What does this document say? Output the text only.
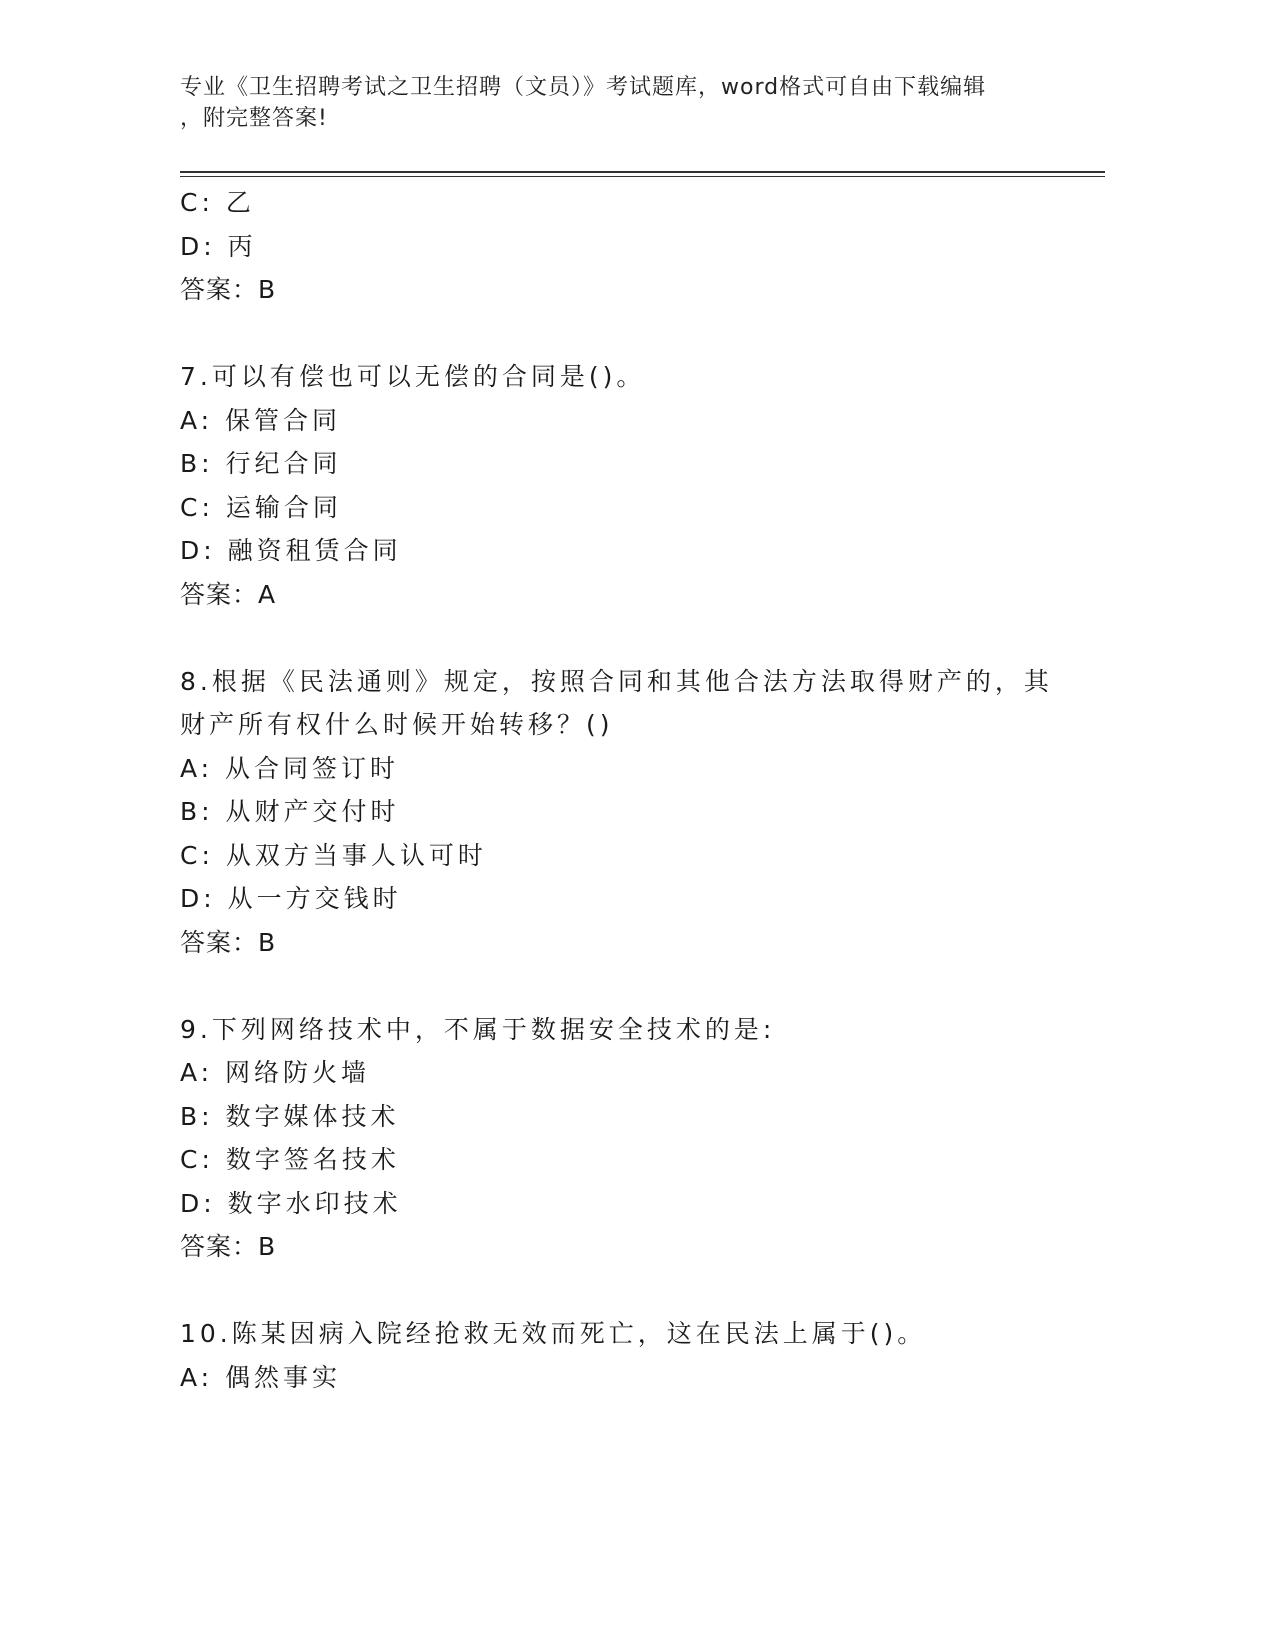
专业《卫生招聘考试之卫生招聘（文员）》考试题库，word格式可自由下载编辑
，附完整答案!
C: 乙
D: 丙
答案：B
7.可以有偿也可以无偿的合同是()。
A: 保管合同
B: 行纪合同
C: 运输合同
D: 融资租赁合同
答案：A
8.根据《民法通则》规定，按照合同和其他合法方法取得财产的，其
财产所有权什么时候开始转移？()
A: 从合同签订时
B: 从财产交付时
C: 从双方当事人认可时
D: 从一方交钱时
答案：B
9.下列网络技术中，不属于数据安全技术的是:
A: 网络防火墙
B: 数字媒体技术
C: 数字签名技术
D: 数字水印技术
答案：B
10.陈某因病入院经抢救无效而死亡，这在民法上属于()。
A: 偶然事实
